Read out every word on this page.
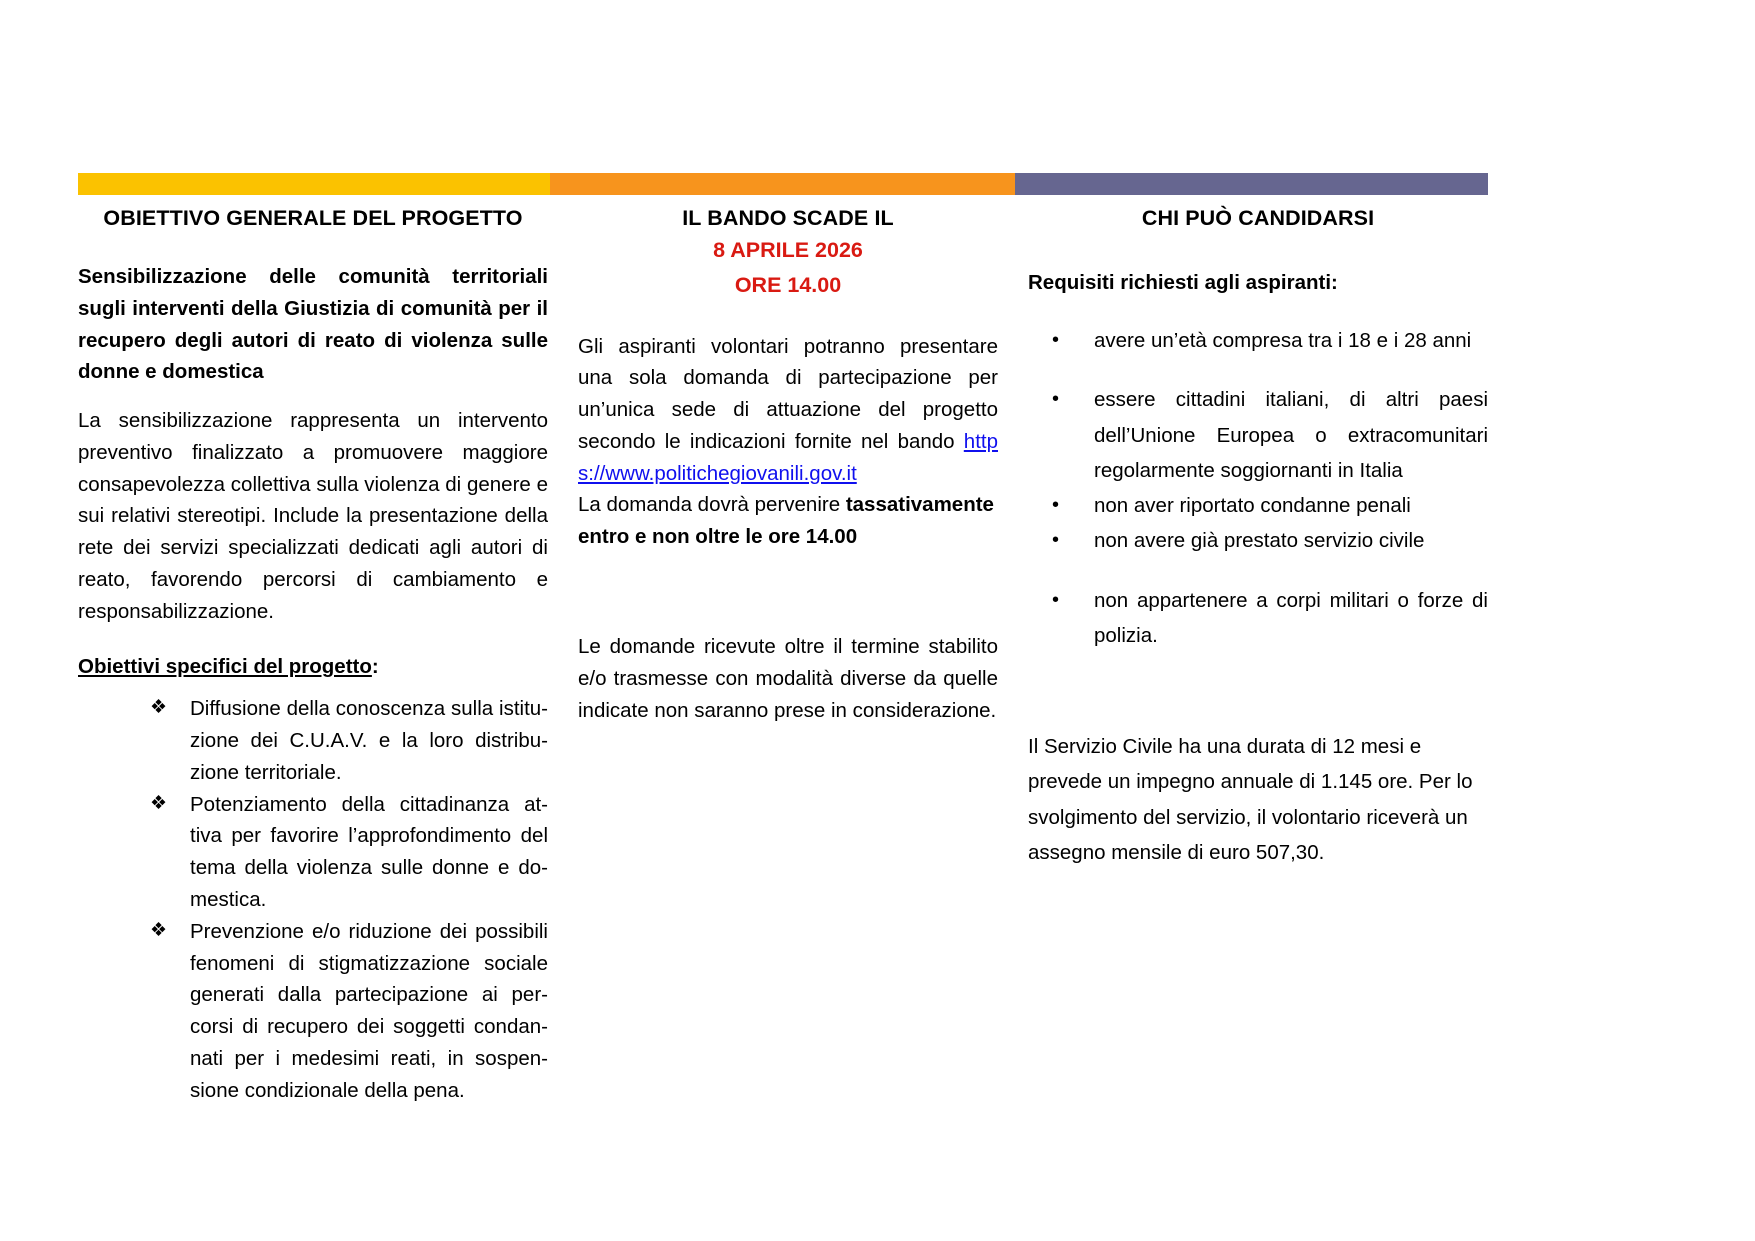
OBIETTIVO GENERALE DEL PROGETTO

Sensibilizzazione delle comunità territoriali sugli interventi della Giustizia di comunità per il recupero degli autori di reato di violenza sulle donne e domestica

La sensibilizzazione rappresenta un intervento preventivo finalizzato a promuovere maggiore consapevolezza collettiva sulla violenza di genere e sui relativi stereotipi. Include la presentazione della rete dei servizi specializzati dedicati agli autori di reato, favorendo percorsi di cambiamento e responsabilizzazione.

Obiettivi specifici del progetto:

❖ Diffusione della conoscenza sulla istitu-zione dei C.U.A.V. e la loro distribu-zione territoriale.
❖ Potenziamento della cittadinanza at-tiva per favorire l’approfondimento del tema della violenza sulle donne e do-mestica.
❖ Prevenzione e/o riduzione dei possibili fenomeni di stigmatizzazione sociale generati dalla partecipazione ai per-corsi di recupero dei soggetti condan-nati per i medesimi reati, in sospen-sione condizionale della pena.
IL BANDO SCADE IL

8 APRILE 2026

ORE 14.00

Gli aspiranti volontari potranno presentare una sola domanda di partecipazione per un’unica sede di attuazione del progetto secondo le indicazioni fornite nel bando https://www.politichegiovanili.gov.it

La domanda dovrà pervenire tassativamente entro e non oltre le ore 14.00

Le domande ricevute oltre il termine stabilito e/o trasmesse con modalità diverse da quelle indicate non saranno prese in considerazione.

CHI PUÒ CANDIDARSI

Requisiti richiesti agli aspiranti:

• avere un’età compresa tra i 18 e i 28 anni
• essere cittadini italiani, di altri paesi dell’Unione Europea o extracomunitari regolarmente soggiornanti in Italia
• non aver riportato condanne penali
• non avere già prestato servizio civile
• non appartenere a corpi militari o forze di polizia.

Il Servizio Civile ha una durata di 12 mesi e prevede un impegno annuale di 1.145 ore. Per lo svolgimento del servizio, il volontario riceverà un assegno mensile di euro 507,30.
